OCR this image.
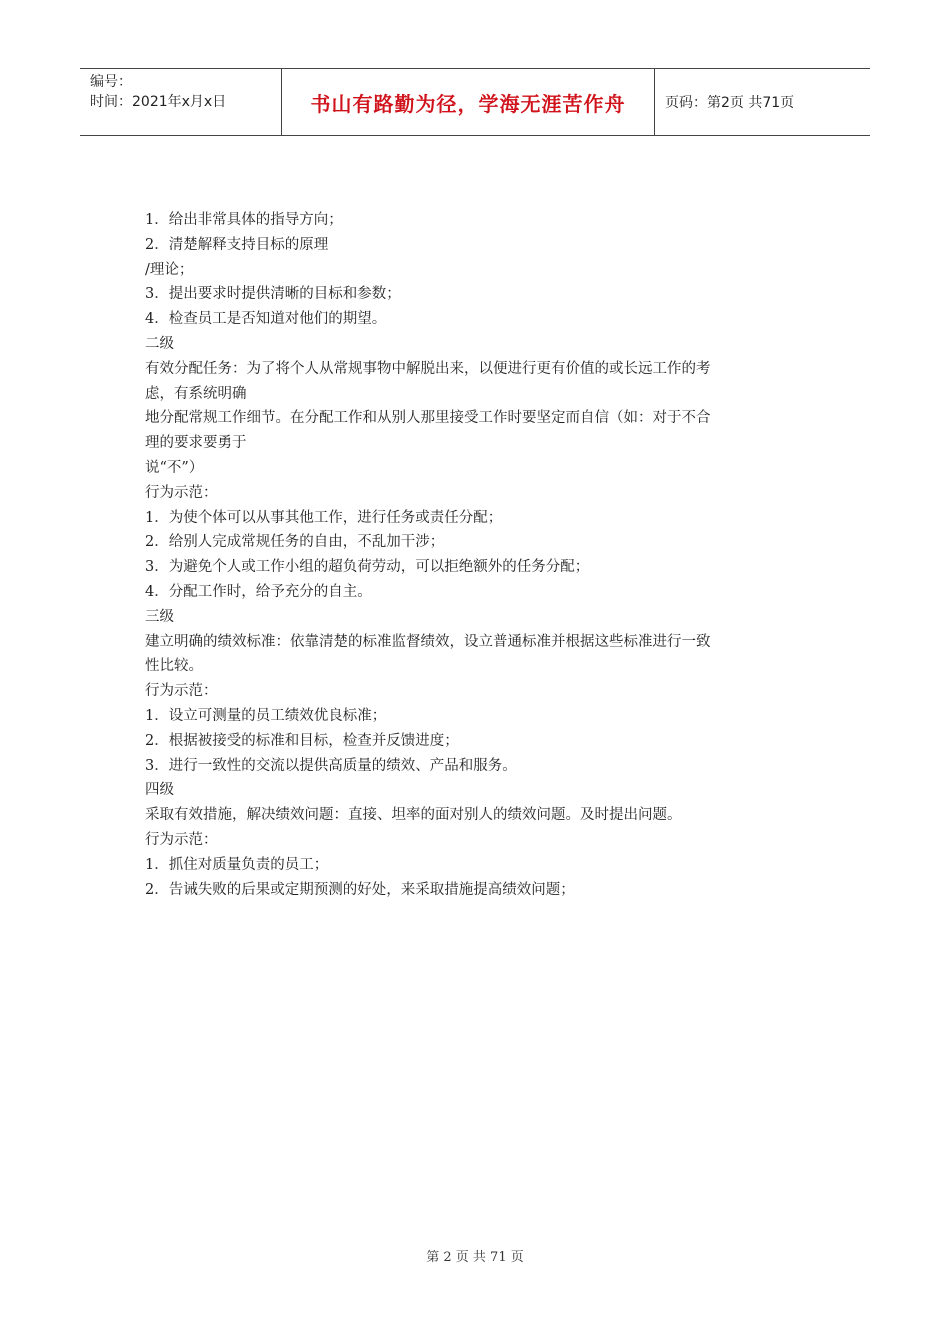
编号：
时间：2021年x月x日	书山有路勤为径，学海无涯苦作舟	页码：第2页 共71页

1．给出非常具体的指导方向；

2．清楚解释支持目标的原理

/理论；

3．提出要求时提供清晰的目标和参数；

4．检查员工是否知道对他们的期望。

二级

有效分配任务：为了将个人从常规事物中解脱出来，以便进行更有价值的或长远工作的考

虑，有系统明确

地分配常规工作细节。在分配工作和从别人那里接受工作时要坚定而自信（如：对于不合

理的要求要勇于

说“不”）

行为示范：

1．为使个体可以从事其他工作，进行任务或责任分配；

2．给别人完成常规任务的自由，不乱加干涉；

3．为避免个人或工作小组的超负荷劳动，可以拒绝额外的任务分配；

4．分配工作时，给予充分的自主。

三级

建立明确的绩效标准：依靠清楚的标准监督绩效，设立普通标准并根据这些标准进行一致

性比较。

行为示范：

1．设立可测量的员工绩效优良标准；

2．根据被接受的标准和目标，检查并反馈进度；

3．进行一致性的交流以提供高质量的绩效、产品和服务。

四级

采取有效措施，解决绩效问题：直接、坦率的面对别人的绩效问题。及时提出问题。

行为示范：

1．抓住对质量负责的员工；

2．告诫失败的后果或定期预测的好处，来采取措施提高绩效问题；

第 2 页 共 71 页
